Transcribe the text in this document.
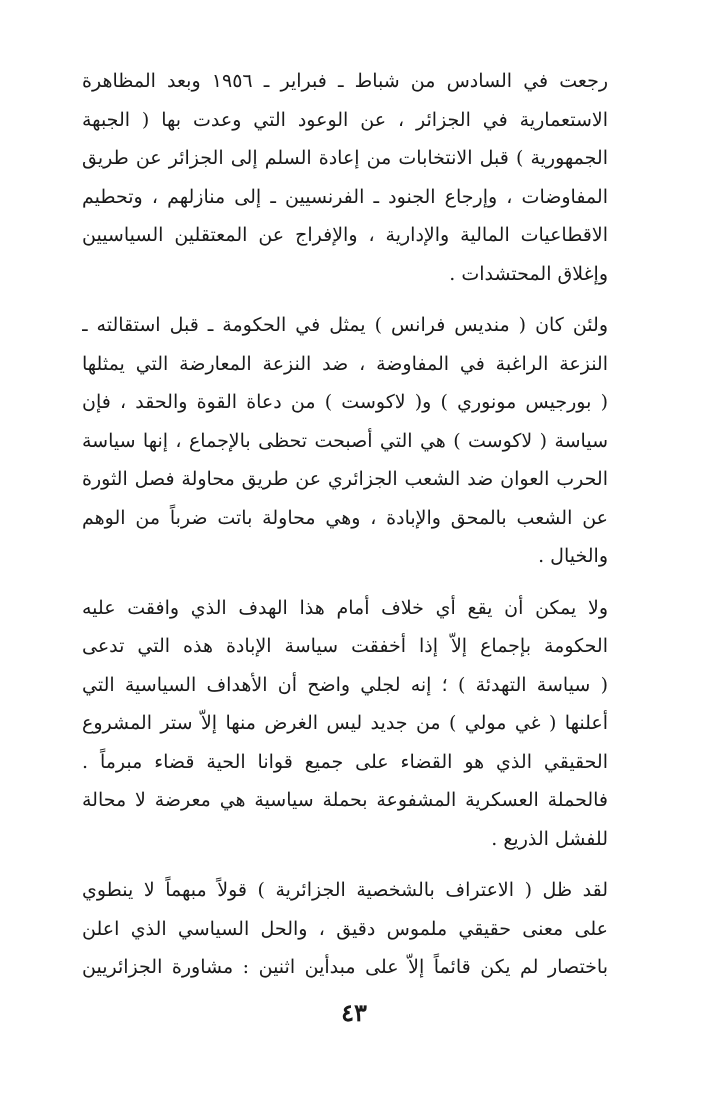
رجعت في السادس من شباط ـ فبراير ـ ١٩٥٦ وبعد المظاهرة
الاستعمارية في الجزائر ، عن الوعود التي وعدت بها ( الجبهة
الجمهورية ) قبل الانتخابات من إعادة السلم إلى الجزائر عن طريق
المفاوضات ، وإرجاع الجنود ـ الفرنسيين ـ إلى منازلهم ، وتحطيم
الاقطاعيات المالية والإدارية ، والإفراج عن المعتقلين السياسيين
وإغلاق المحتشدات .

ولئن كان ( منديس فرانس ) يمثل في الحكومة ـ قبل استقالته ـ
النزعة الراغبة في المفاوضة ، ضد النزعة المعارضة التي يمثلها
( بورجيس مونوري ) و( لاكوست ) من دعاة القوة والحقد ، فإن
سياسة ( لاكوست ) هي التي أصبحت تحظى بالإجماع ، إنها سياسة
الحرب العوان ضد الشعب الجزائري عن طريق محاولة فصل الثورة
عن الشعب بالمحق والإبادة ، وهي محاولة باتت ضرباً من الوهم
والخيال .

ولا يمكن أن يقع أي خلاف أمام هذا الهدف الذي وافقت عليه
الحكومة بإجماع إلاّ إذا أخفقت سياسة الإبادة هذه التي تدعى
( سياسة التهدئة ) ؛ إنه لجلي واضح أن الأهداف السياسية التي
أعلنها ( غي مولي ) من جديد ليس الغرض منها إلاّ ستر المشروع
الحقيقي الذي هو القضاء على جميع قوانا الحية قضاء مبرماً .
فالحملة العسكرية المشفوعة بحملة سياسية هي معرضة لا محالة
للفشل الذريع .

لقد ظل ( الاعتراف بالشخصية الجزائرية ) قولاً مبهماً لا ينطوي
على معنى حقيقي ملموس دقيق ، والحل السياسي الذي اعلن
باختصار لم يكن قائماً إلاّ على مبدأين اثنين : مشاورة الجزائريين

٤٣
